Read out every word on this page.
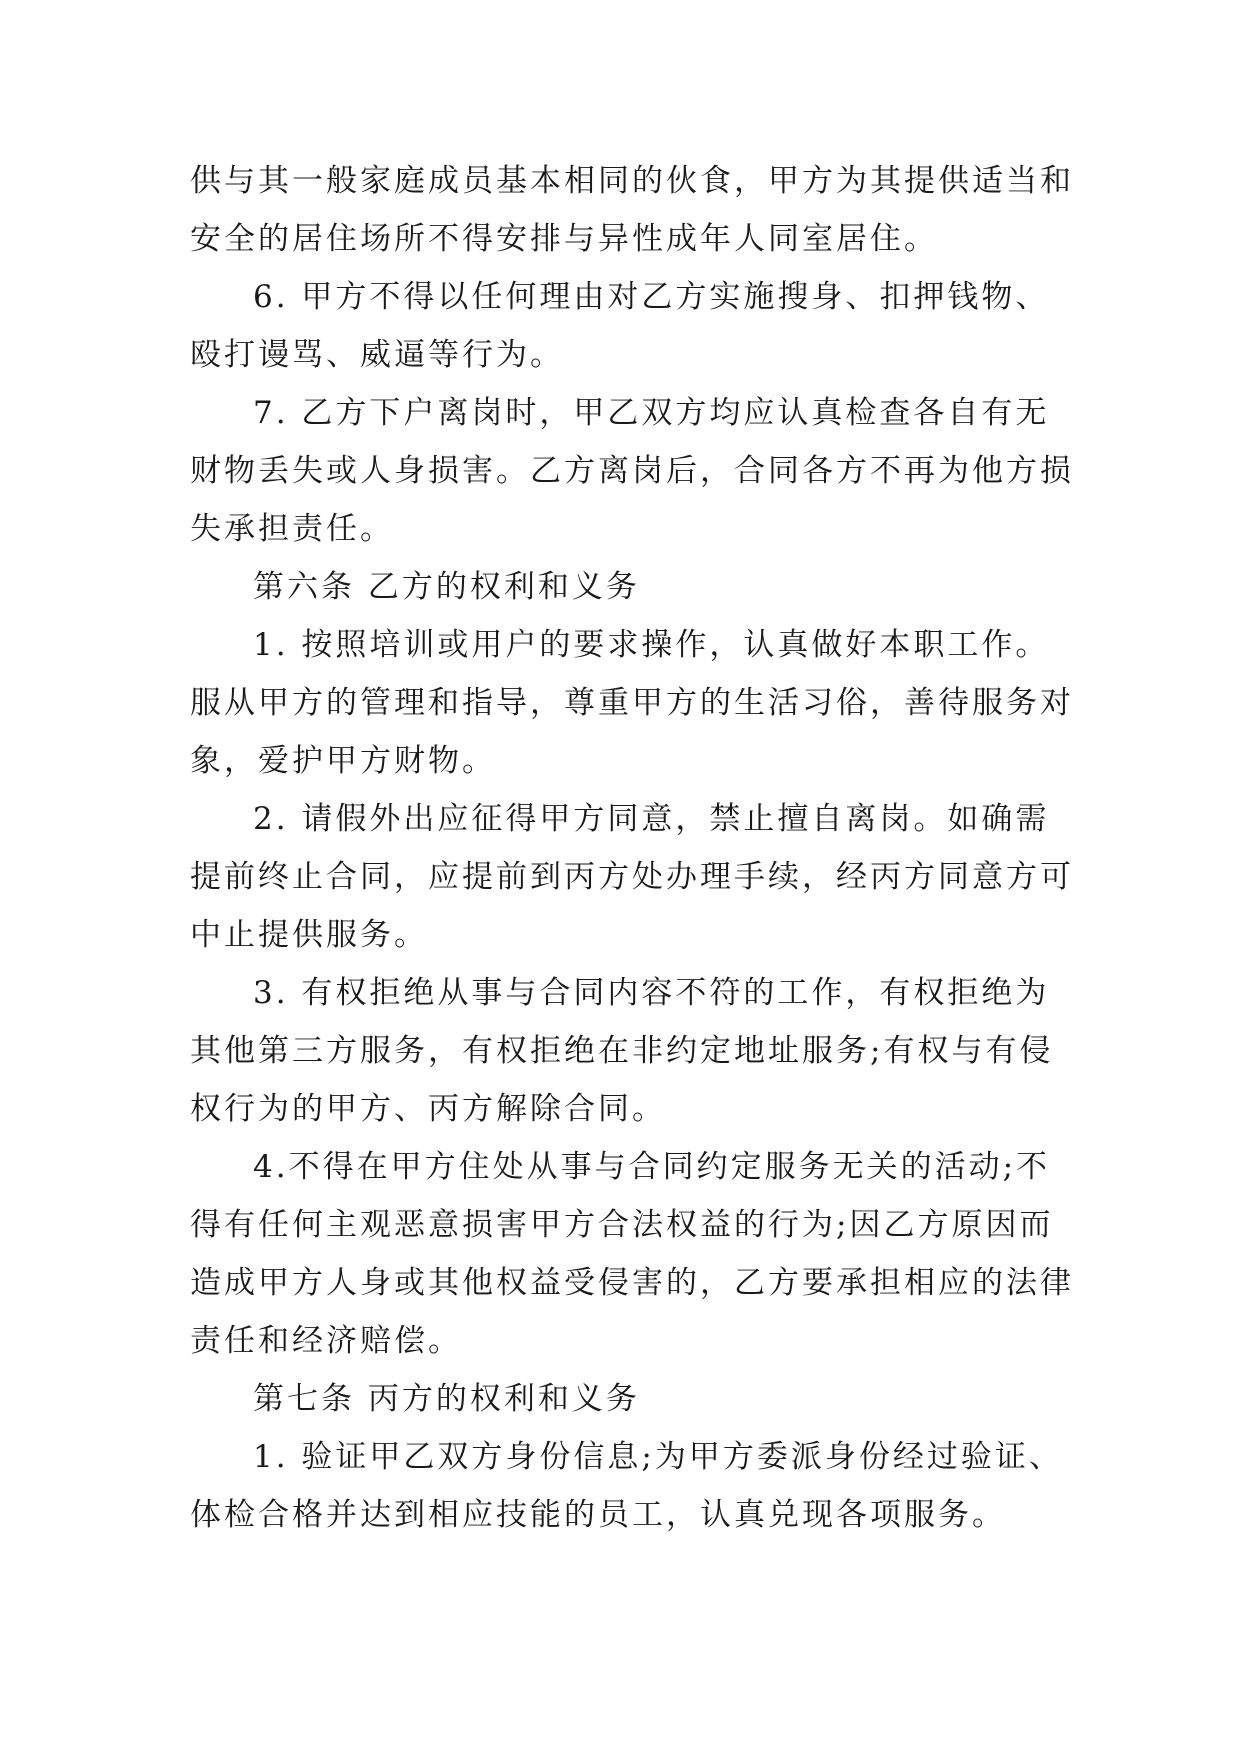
供与其一般家庭成员基本相同的伙食，甲方为其提供适当和
安全的居住场所不得安排与异性成年人同室居住。
6. 甲方不得以任何理由对乙方实施搜身、扣押钱物、
殴打谩骂、威逼等行为。
7. 乙方下户离岗时，甲乙双方均应认真检查各自有无
财物丢失或人身损害。乙方离岗后，合同各方不再为他方损
失承担责任。
第六条 乙方的权利和义务
1. 按照培训或用户的要求操作，认真做好本职工作。
服从甲方的管理和指导，尊重甲方的生活习俗，善待服务对
象，爱护甲方财物。
2. 请假外出应征得甲方同意，禁止擅自离岗。如确需
提前终止合同，应提前到丙方处办理手续，经丙方同意方可
中止提供服务。
3. 有权拒绝从事与合同内容不符的工作，有权拒绝为
其他第三方服务，有权拒绝在非约定地址服务;有权与有侵
权行为的甲方、丙方解除合同。
4.不得在甲方住处从事与合同约定服务无关的活动;不
得有任何主观恶意损害甲方合法权益的行为;因乙方原因而
造成甲方人身或其他权益受侵害的，乙方要承担相应的法律
责任和经济赔偿。
第七条 丙方的权利和义务
1. 验证甲乙双方身份信息;为甲方委派身份经过验证、
体检合格并达到相应技能的员工，认真兑现各项服务。
